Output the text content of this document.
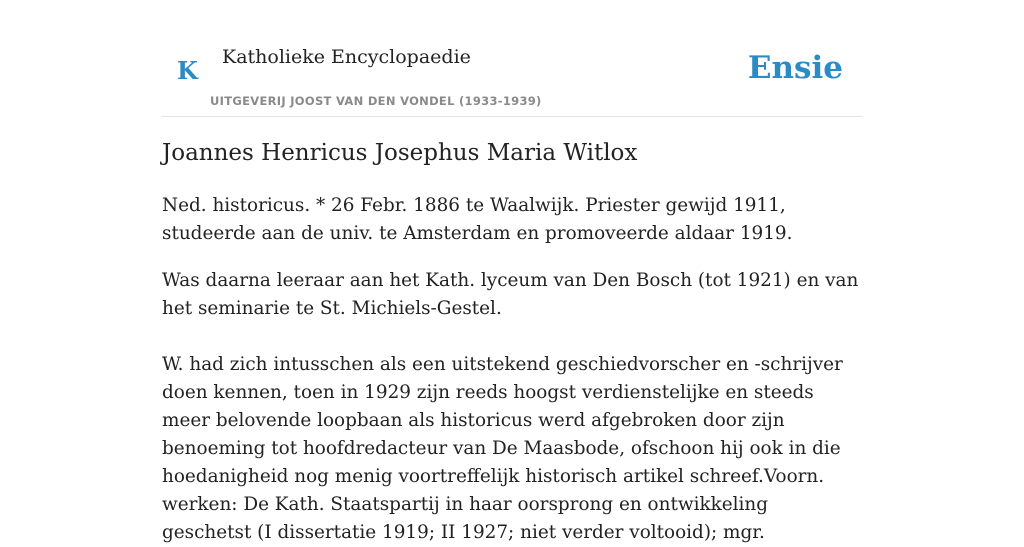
K Katholieke Encyclopaedie
UITGEVERIJ JOOST VAN DEN VONDEL (1933-1939)
Ensie
Joannes Henricus Josephus Maria Witlox

Ned. historicus. * 26 Febr. 1886 te Waalwijk. Priester gewijd 1911, studeerde aan de univ. te Amsterdam en promoveerde aldaar 1919.

Was daarna leeraar aan het Kath. lyceum van Den Bosch (tot 1921) en van het seminarie te St. Michiels-Gestel.

W. had zich intusschen als een uitstekend geschiedvorscher en -schrijver doen kennen, toen in 1929 zijn reeds hoogst verdienstelijke en steeds meer belovende loopbaan als historicus werd afgebroken door zijn benoeming tot hoofdredacteur van De Maasbode, ofschoon hij ook in die hoedanigheid nog menig voortreffelijk historisch artikel schreef.Voorn. werken: De Kath. Staatspartij in haar oorsprong en ontwikkeling geschetst (I dissertatie 1919; II 1927; niet verder voltooid); mgr.
